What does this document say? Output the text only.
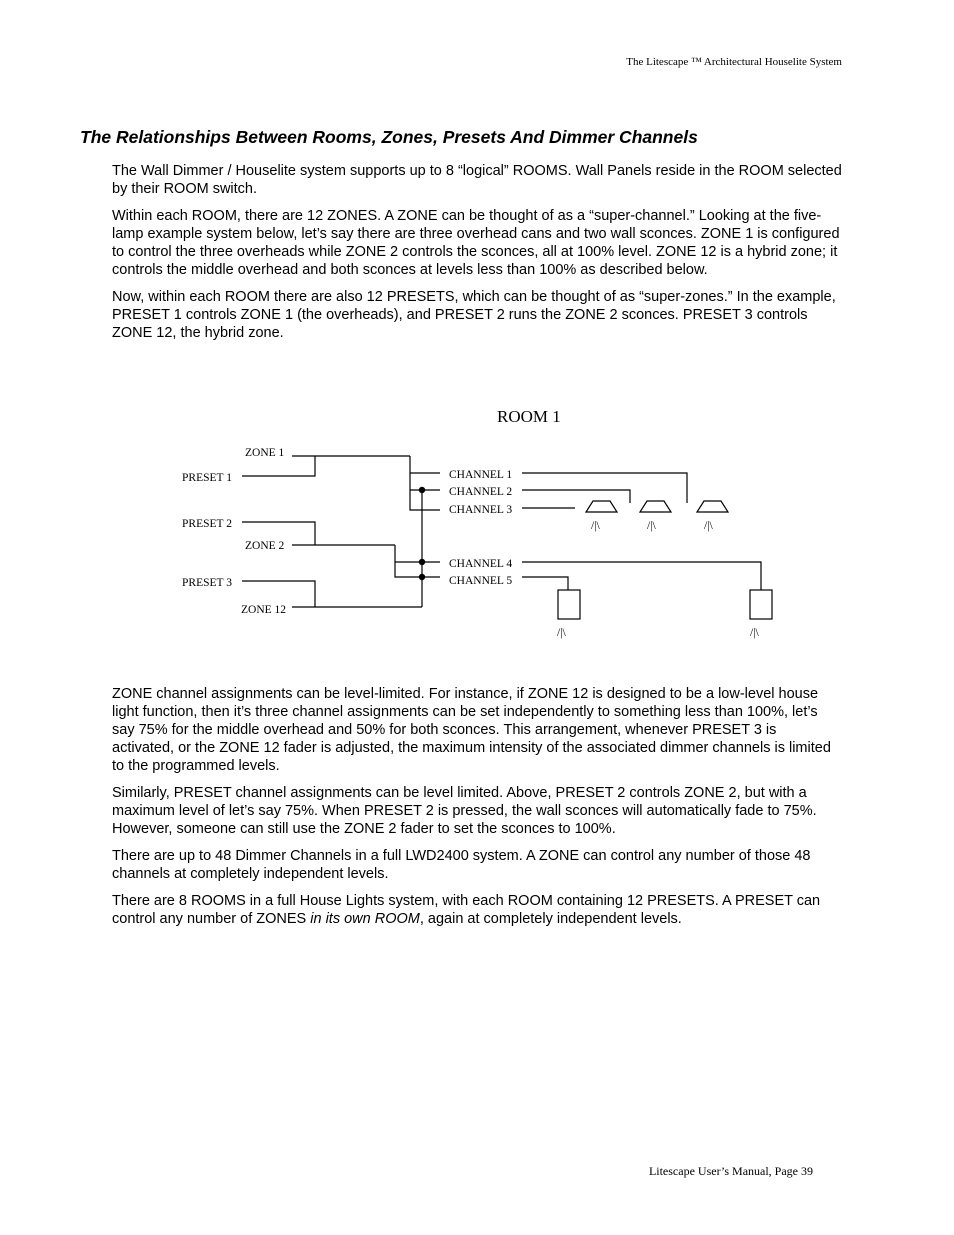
The Litescape ™ Architectural Houselite System
The Relationships Between Rooms, Zones, Presets And Dimmer Channels

The Wall Dimmer / Houselite system supports up to 8 “logical” ROOMS. Wall Panels reside in the ROOM selected by their ROOM switch.

Within each ROOM, there are 12 ZONES. A ZONE can be thought of as a “super-channel.” Looking at the five-lamp example system below, let’s say there are three overhead cans and two wall sconces. ZONE 1 is configured to control the three overheads while ZONE 2 controls the sconces, all at 100% level. ZONE 12 is a hybrid zone; it controls the middle overhead and both sconces at levels less than 100% as described below.

Now, within each ROOM there are also 12 PRESETS, which can be thought of as “super-zones.” In the example, PRESET 1 controls ZONE 1 (the overheads), and PRESET 2 runs the ZONE 2 sconces. PRESET 3 controls ZONE 12, the hybrid zone.

ROOM 1
ZONE 1
PRESET 1
PRESET 2
ZONE 2
PRESET 3
ZONE 12
CHANNEL 1
CHANNEL 2
CHANNEL 3
CHANNEL 4
CHANNEL 5
/|\	/|\	/|\
/|\	/|\

ZONE channel assignments can be level-limited. For instance, if ZONE 12 is designed to be a low-level house light function, then it’s three channel assignments can be set independently to something less than 100%, let’s say 75% for the middle overhead and 50% for both sconces. This arrangement, whenever PRESET 3 is activated, or the ZONE 12 fader is adjusted, the maximum intensity of the associated dimmer channels is limited to the programmed levels.

Similarly, PRESET channel assignments can be level limited. Above, PRESET 2 controls ZONE 2, but with a maximum level of let’s say 75%. When PRESET 2 is pressed, the wall sconces will automatically fade to 75%. However, someone can still use the ZONE 2 fader to set the sconces to 100%.

There are up to 48 Dimmer Channels in a full LWD2400 system. A ZONE can control any number of those 48 channels at completely independent levels.

There are 8 ROOMS in a full House Lights system, with each ROOM containing 12 PRESETS. A PRESET can control any number of ZONES in its own ROOM, again at completely independent levels.

Litescape User’s Manual, Page 39
